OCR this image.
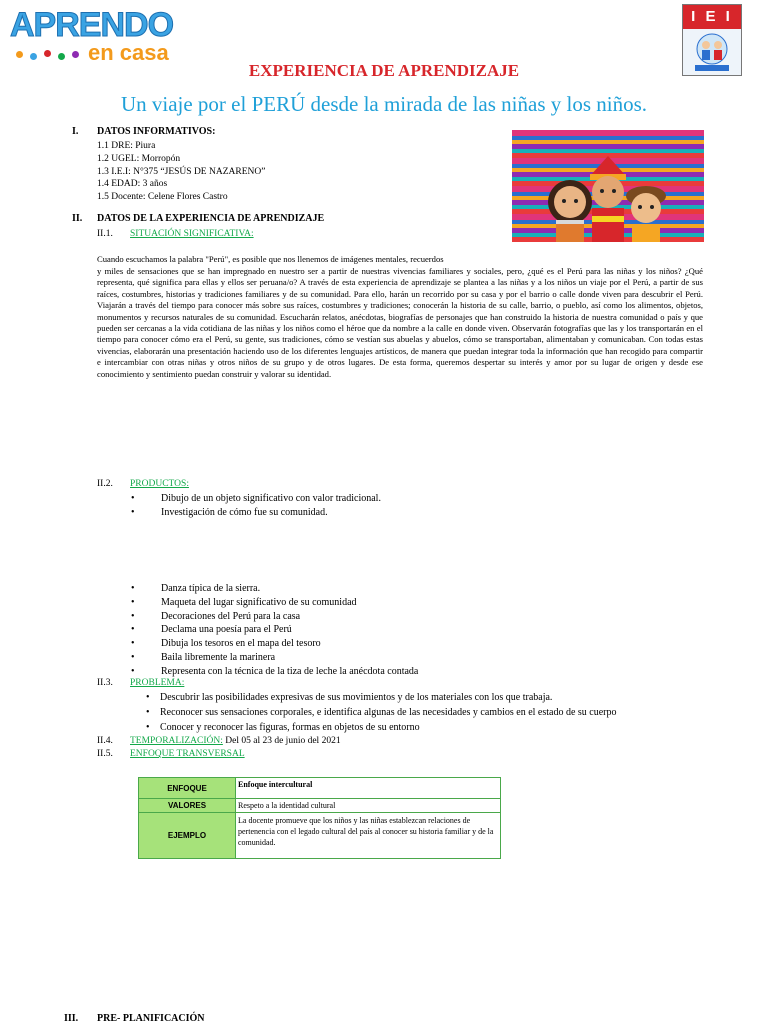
APRENDO
en casa
I E I
EXPERIENCIA DE APRENDIZAJE
Un viaje por el PERÚ desde la mirada de las niñas y los niños.
I. DATOS INFORMATIVOS:
1.1 DRE: Piura
1.2 UGEL: Morropón
1.3 I.E.I: N°375 “JESÚS DE NAZARENO”
1.4 EDAD: 3 años
1.5 Docente: Celene Flores Castro
II. DATOS DE LA EXPERIENCIA DE APRENDIZAJE
II.1. SITUACIÓN SIGNIFICATIVA:
Cuando escuchamos la palabra "Perú", es posible que nos llenemos de imágenes mentales, recuerdos
y miles de sensaciones que se han impregnado en nuestro ser a partir de nuestras vivencias familiares y sociales, pero, ¿qué es el Perú para las niñas y los niños? ¿Qué representa, qué significa para ellas y ellos ser peruana/o? A través de esta experiencia de aprendizaje se plantea a las niñas y a los niños un viaje por el Perú, a partir de sus raíces, costumbres, historias y tradiciones familiares y de su comunidad. Para ello, harán un recorrido por su casa y por el barrio o calle donde viven para descubrir el Perú. Viajarán a través del tiempo para conocer más sobre sus raíces, costumbres y tradiciones; conocerán la historia de su calle, barrio, o pueblo, así como los alimentos, objetos, monumentos y recursos naturales de su comunidad. Escucharán relatos, anécdotas, biografías de personajes que han construido la historia de nuestra comunidad o país y que pueden ser cercanas a la vida cotidiana de las niñas y los niños como el héroe que da nombre a la calle en donde viven. Observarán fotografías que las y los transportarán en el tiempo para conocer cómo era el Perú, su gente, sus tradiciones, cómo se vestían sus abuelas y abuelos, cómo se transportaban, alimentaban y comunicaban. Con todas estas vivencias, elaborarán una presentación haciendo uso de los diferentes lenguajes artísticos, de manera que puedan integrar toda la información que han recogido para compartir e intercambiar con otras niñas y otros niños de su grupo y de otros lugares. De esta forma, queremos despertar su interés y amor por su lugar de origen y desde ese conocimiento y sentimiento puedan construir y valorar su identidad.
II.2. PRODUCTOS:
• Dibujo de un objeto significativo con valor tradicional.
• Investigación de cómo fue su comunidad.
• Danza típica de la sierra.
• Maqueta del lugar significativo de su comunidad
• Decoraciones del Perú para la casa
• Declama una poesía para el Perú
• Dibuja los tesoros en el mapa del tesoro
• Baila libremente la marinera
• Representa con la técnica de la tiza de leche la anécdota contada
II.3. PROBLEMA:
• Descubrir las posibilidades expresivas de sus movimientos y de los materiales con los que trabaja.
• Reconocer sus sensaciones corporales, e identifica algunas de las necesidades y cambios en el estado de su cuerpo
• Conocer y reconocer las figuras, formas en objetos de su entorno
II.4. TEMPORALIZACIÓN: Del 05 al 23 de junio del 2021
II.5. ENFOQUE TRANSVERSAL
ENFOQUE	Enfoque intercultural
VALORES	Respeto a la identidad cultural
EJEMPLO	La docente promueve que los niños y las niñas establezcan relaciones de pertenencia con el legado cultural del país al conocer su historia familiar y de la comunidad.
III. PRE- PLANIFICACIÓN
